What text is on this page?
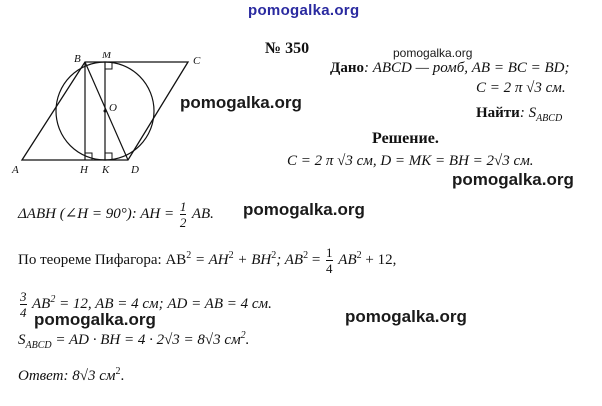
pomogalka.org
pomogalka.org
pomogalka.org
pomogalka.org
pomogalka.org
pomogalka.org	pomogalka.org
A
B	C
D
M
O
H K
№ 350
Дано: ABCD — ромб, AB = BC = BD;
C = 2 π √3 см.
Найти: $S_{ABCD}$
Решение.
C = 2 π √3 см, D = MK = BH = 2√3 см.
ΔABH (∠H = 90°): AH = $\frac{1}{2}$ AB.
По теореме Пифагора: $AB^2 = AH^2 + BH^2$; $AB^2 = \frac{1}{4} AB^2 + 12$,
$\frac{3}{4} AB^2 = 12$, AB = 4 см; AD = AB = 4 см.
$S_{ABCD}$ = AD · BH = 4 · 2√3 = 8√3 $см^2$.
Ответ: 8√3 $см^2$.
